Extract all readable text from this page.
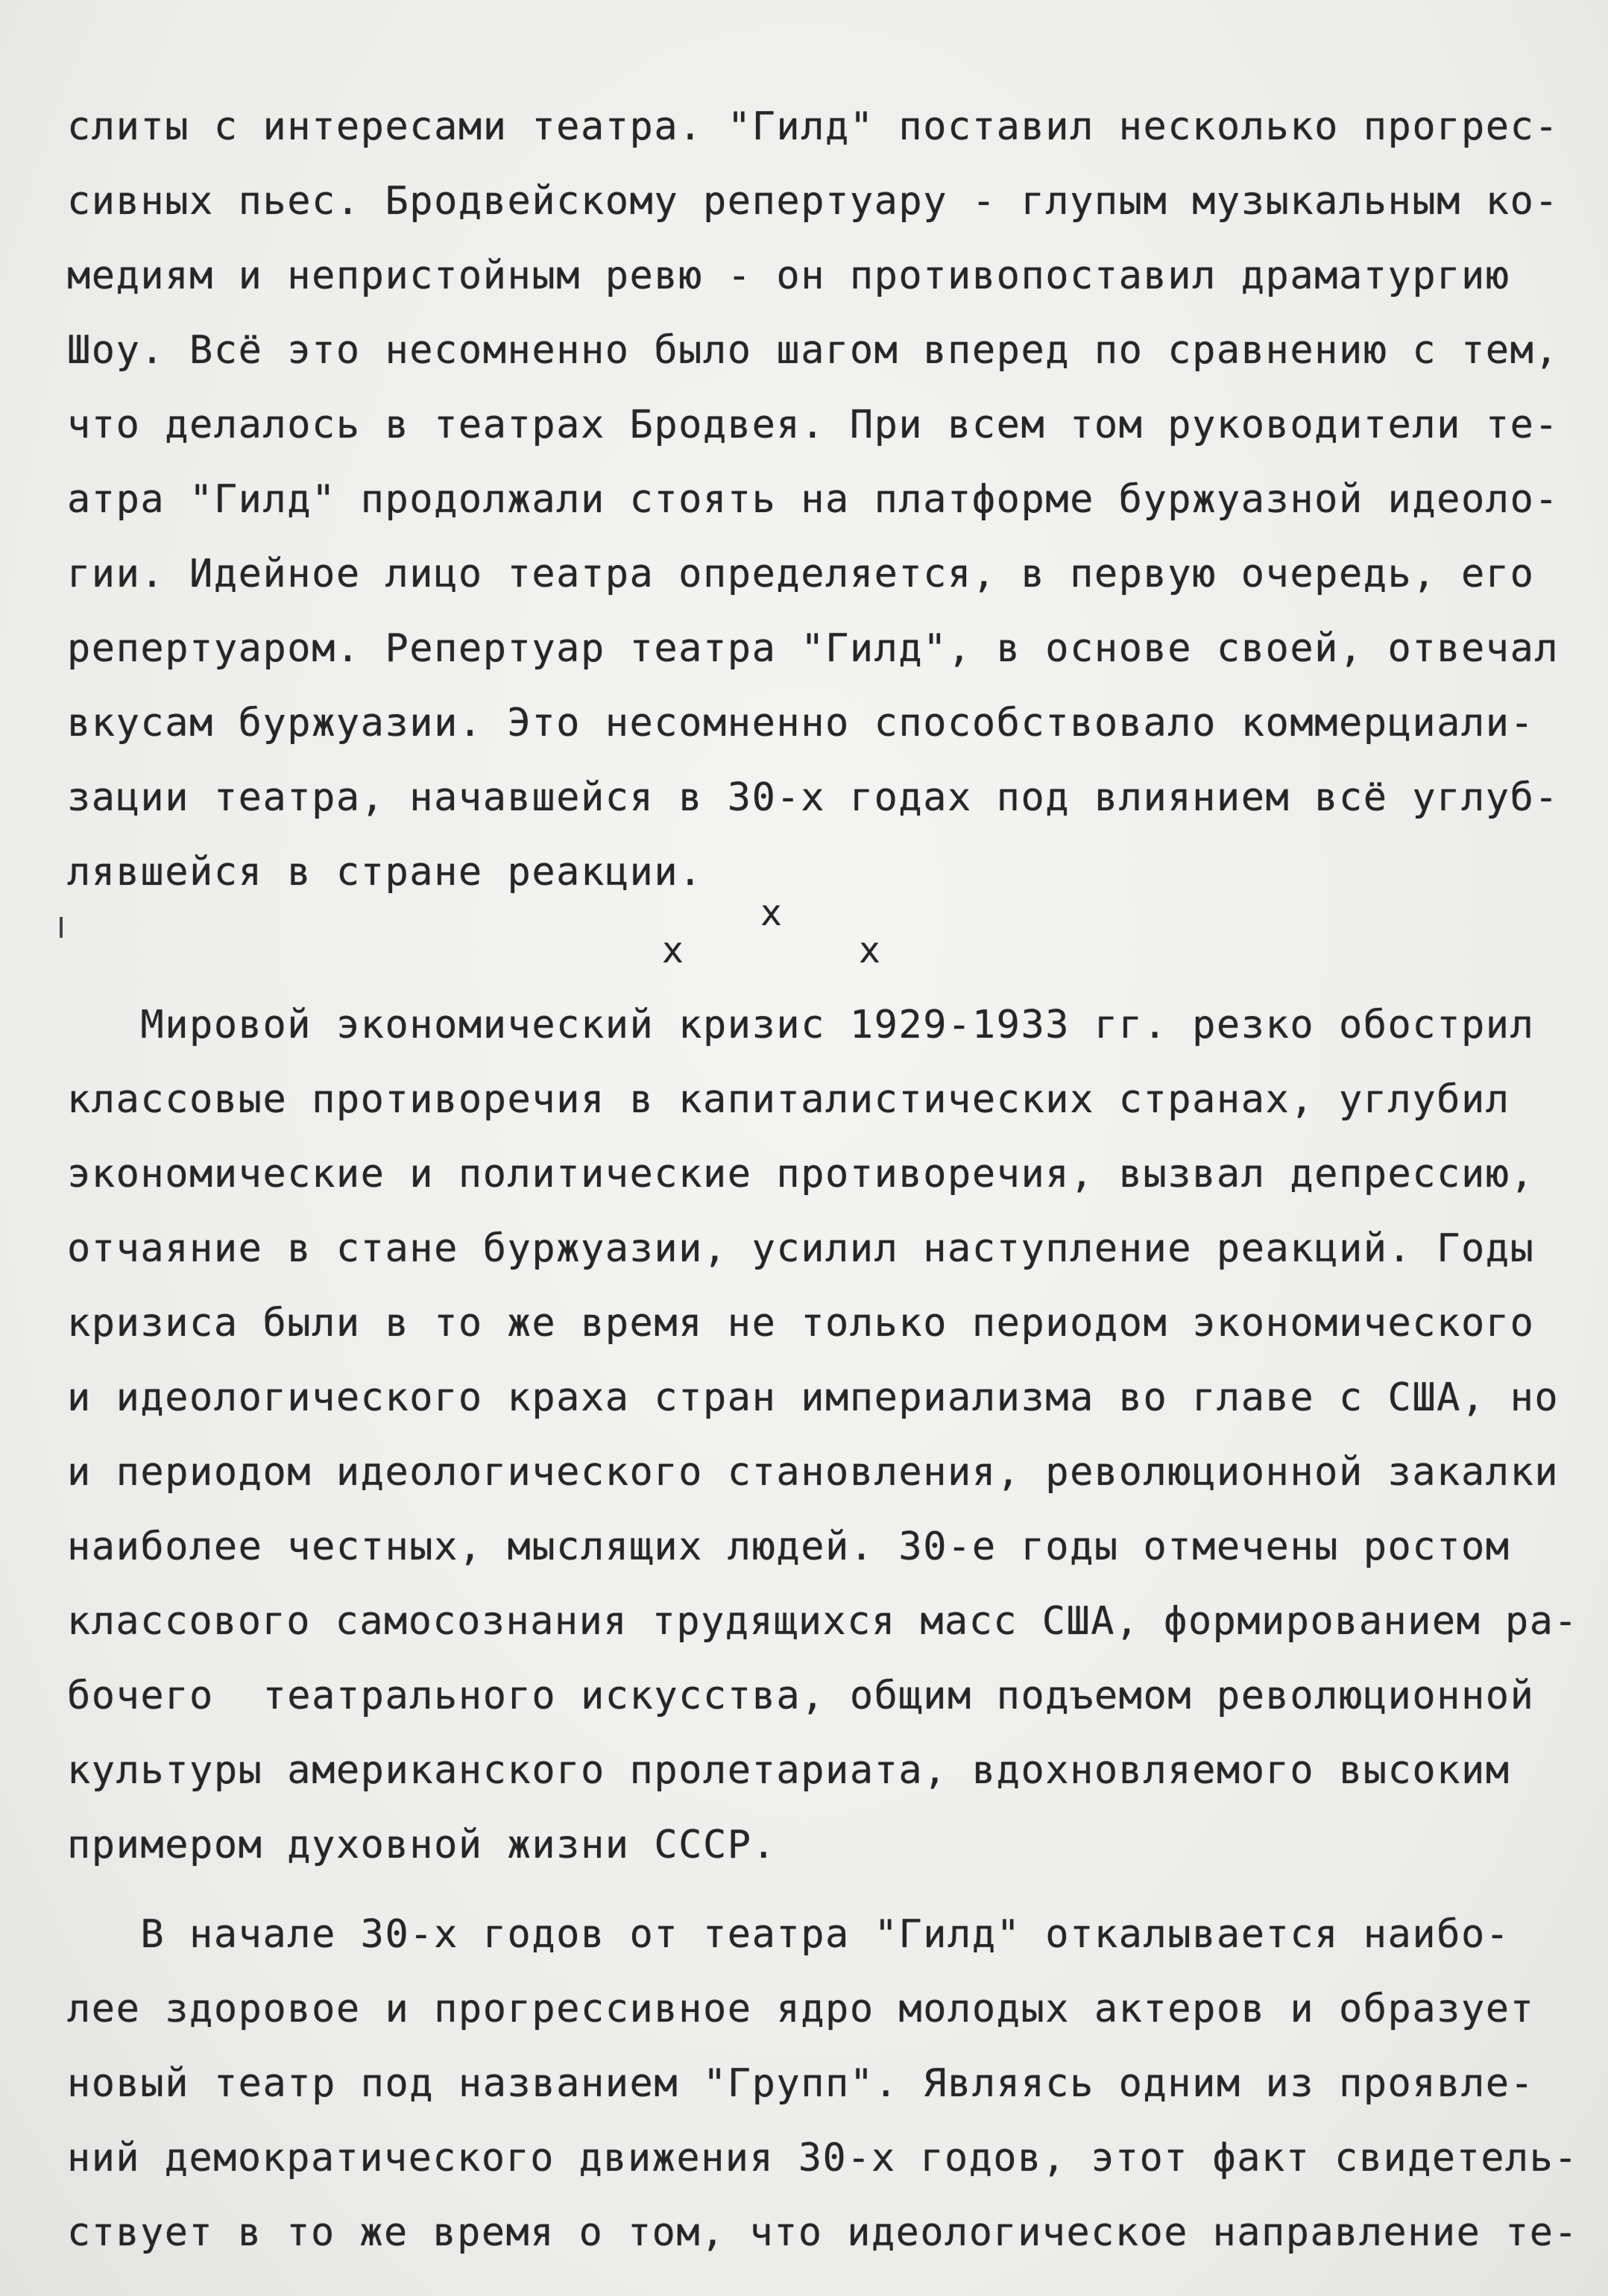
слиты с интересами театра. "Гилд" поставил несколько прогрес-
сивных пьес. Бродвейскому репертуару - глупым музыкальным ко-
медиям и непристойным ревю - он противопоставил драматургию
Шоу. Всё это несомненно было шагом вперед по сравнению с тем,
что делалось в театрах Бродвея. При всем том руководители те-
атра "Гилд" продолжали стоять на платформе буржуазной идеоло-
гии. Идейное лицо театра определяется, в первую очередь, его
репертуаром. Репертуар театра "Гилд", в основе своей, отвечал
вкусам буржуазии. Это несомненно способствовало коммерциали-
зации театра, начавшейся в 30-х годах под влиянием всё углуб-
лявшейся в стране реакции.
x
x	x
Мировой экономический кризис 1929-1933 гг. резко обострил
классовые противоречия в капиталистических странах, углубил
экономические и политические противоречия, вызвал депрессию,
отчаяние в стане буржуазии, усилил наступление реакций. Годы
кризиса были в то же время не только периодом экономического
и идеологического краха стран империализма во главе с США, но
и периодом идеологического становления, революционной закалки
наиболее честных, мыслящих людей. 30-е годы отмечены ростом
классового самосознания трудящихся масс США, формированием ра-
бочего  театрального искусства, общим подъемом революционной
культуры американского пролетариата, вдохновляемого высоким
примером духовной жизни СССР.
В начале 30-х годов от театра "Гилд" откалывается наибо-
лее здоровое и прогрессивное ядро молодых актеров и образует
новый театр под названием "Групп". Являясь одним из проявле-
ний демократического движения 30-х годов, этот факт свидетель-
ствует в то же время о том, что идеологическое направление те-
